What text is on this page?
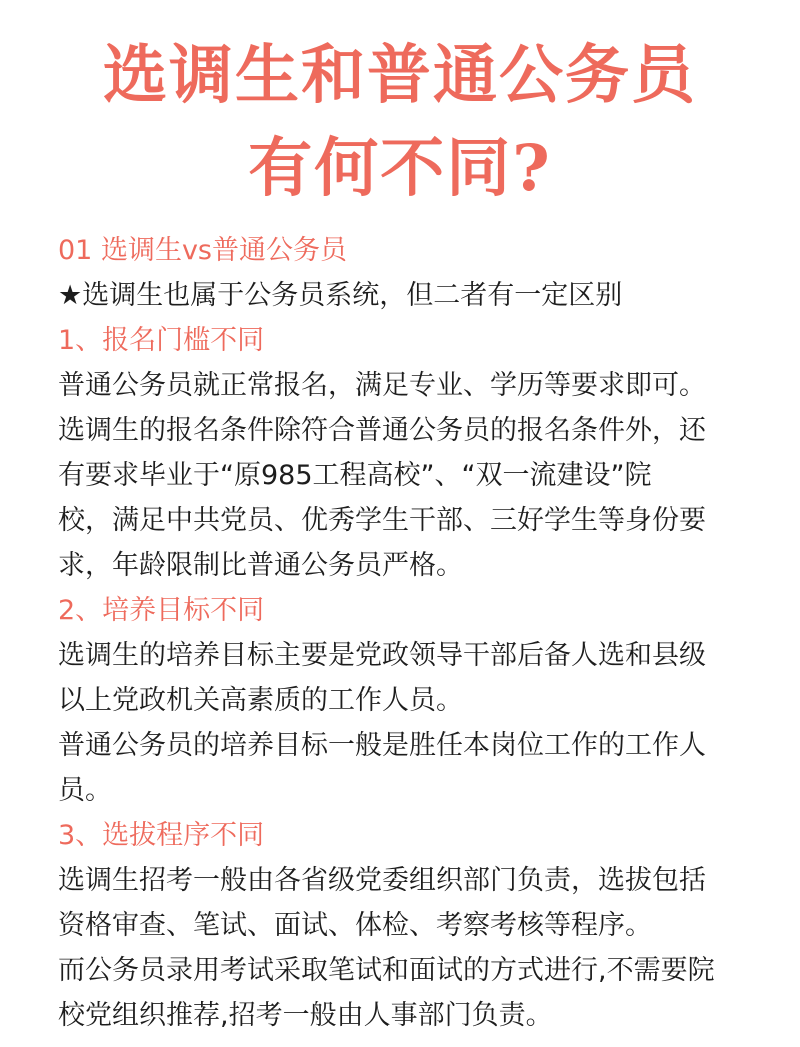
选调生和普通公务员
有何不同?
01 选调生vs普通公务员
★选调生也属于公务员系统，但二者有一定区别
1、报名门槛不同
普通公务员就正常报名，满足专业、学历等要求即可。
选调生的报名条件除符合普通公务员的报名条件外，还
有要求毕业于“原985工程高校”、“双一流建设”院
校，满足中共党员、优秀学生干部、三好学生等身份要
求，年龄限制比普通公务员严格。
2、培养目标不同
选调生的培养目标主要是党政领导干部后备人选和县级
以上党政机关高素质的工作人员。
普通公务员的培养目标一般是胜任本岗位工作的工作人
员。
3、选拔程序不同
选调生招考一般由各省级党委组织部门负责，选拔包括
资格审查、笔试、面试、体检、考察考核等程序。
而公务员录用考试采取笔试和面试的方式进行,不需要院
校党组织推荐,招考一般由人事部门负责。
